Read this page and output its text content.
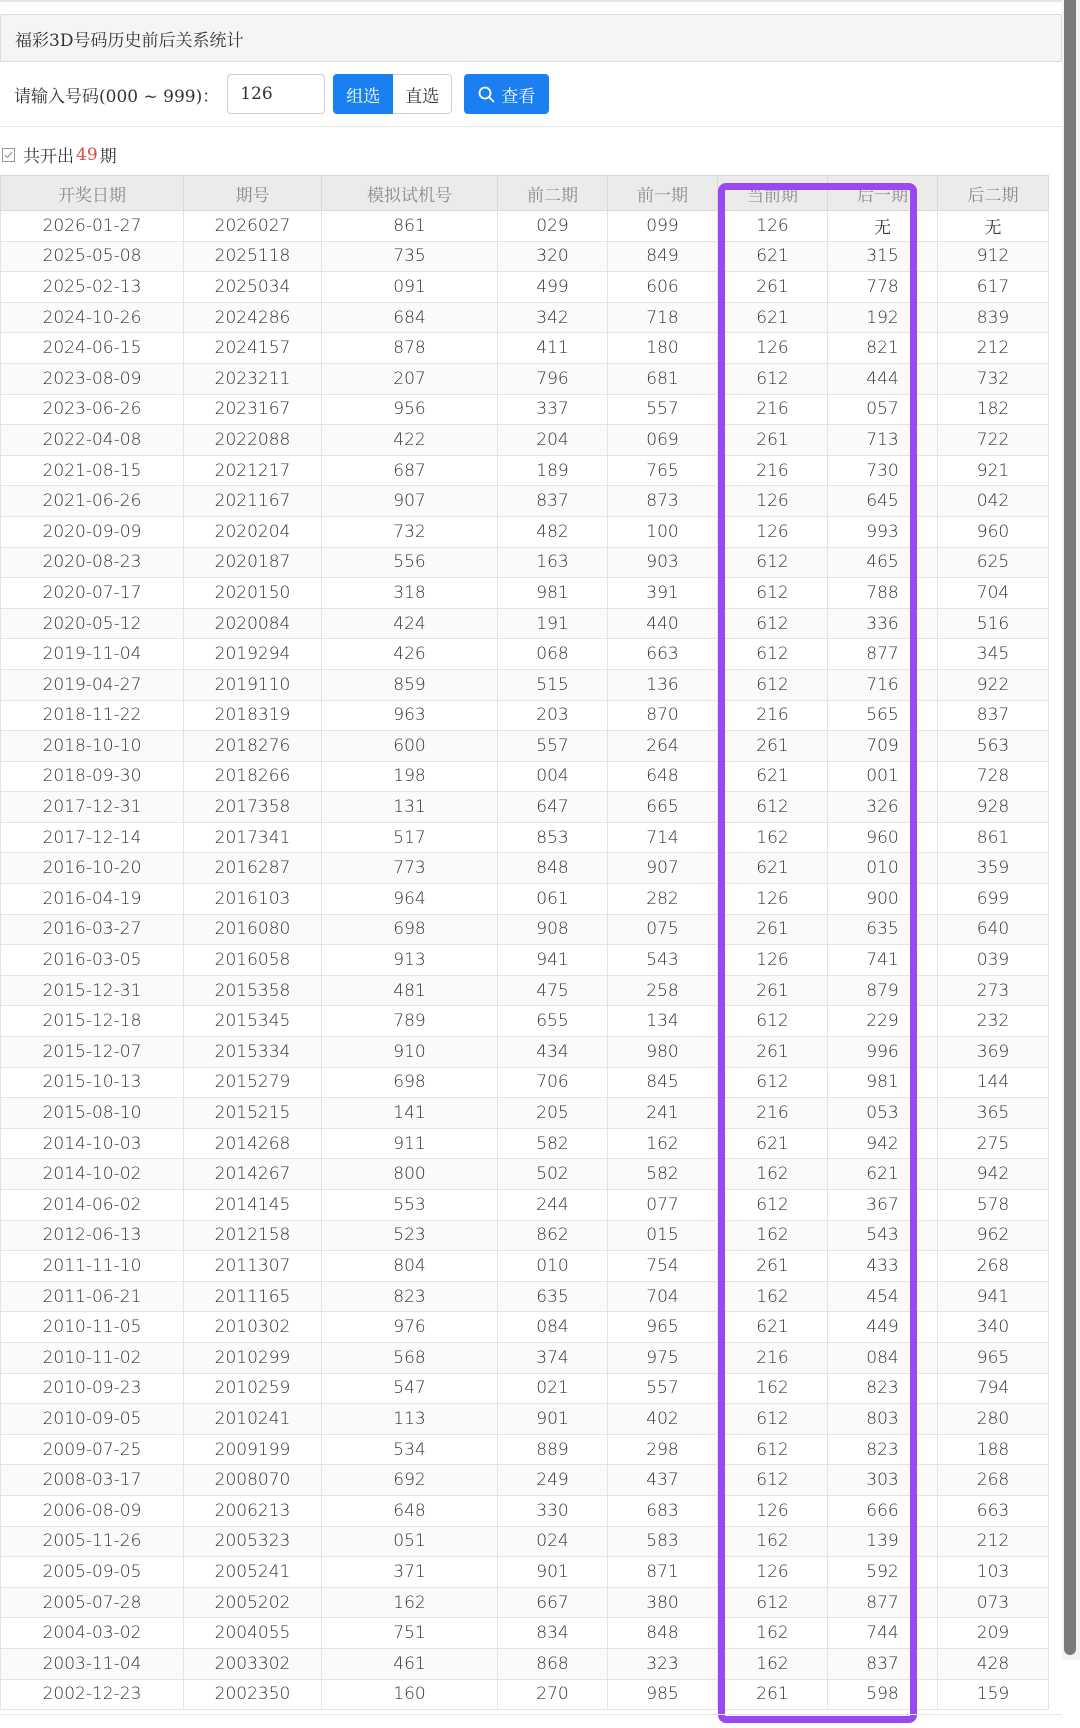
福彩3D号码历史前后关系统计
请输入号码(000 ~ 999)：
126	组选	直选	查看
共开出 49 期
开奖日期	期号	模拟试机号	前二期	前一期	当前期	后一期	后二期
2026-01-27	2026027	861	029	099	126	无	无
2025-05-08	2025118	735	320	849	621	315	912
2025-02-13	2025034	091	499	606	261	778	617
2024-10-26	2024286	684	342	718	621	192	839
2024-06-15	2024157	878	411	180	126	821	212
2023-08-09	2023211	207	796	681	612	444	732
2023-06-26	2023167	956	337	557	216	057	182
2022-04-08	2022088	422	204	069	261	713	722
2021-08-15	2021217	687	189	765	216	730	921
2021-06-26	2021167	907	837	873	126	645	042
2020-09-09	2020204	732	482	100	126	993	960
2020-08-23	2020187	556	163	903	612	465	625
2020-07-17	2020150	318	981	391	612	788	704
2020-05-12	2020084	424	191	440	612	336	516
2019-11-04	2019294	426	068	663	612	877	345
2019-04-27	2019110	859	515	136	612	716	922
2018-11-22	2018319	963	203	870	216	565	837
2018-10-10	2018276	600	557	264	261	709	563
2018-09-30	2018266	198	004	648	621	001	728
2017-12-31	2017358	131	647	665	612	326	928
2017-12-14	2017341	517	853	714	162	960	861
2016-10-20	2016287	773	848	907	621	010	359
2016-04-19	2016103	964	061	282	126	900	699
2016-03-27	2016080	698	908	075	261	635	640
2016-03-05	2016058	913	941	543	126	741	039
2015-12-31	2015358	481	475	258	261	879	273
2015-12-18	2015345	789	655	134	612	229	232
2015-12-07	2015334	910	434	980	261	996	369
2015-10-13	2015279	698	706	845	612	981	144
2015-08-10	2015215	141	205	241	216	053	365
2014-10-03	2014268	911	582	162	621	942	275
2014-10-02	2014267	800	502	582	162	621	942
2014-06-02	2014145	553	244	077	612	367	578
2012-06-13	2012158	523	862	015	162	543	962
2011-11-10	2011307	804	010	754	261	433	268
2011-06-21	2011165	823	635	704	162	454	941
2010-11-05	2010302	976	084	965	621	449	340
2010-11-02	2010299	568	374	975	216	084	965
2010-09-23	2010259	547	021	557	162	823	794
2010-09-05	2010241	113	901	402	612	803	280
2009-07-25	2009199	534	889	298	612	823	188
2008-03-17	2008070	692	249	437	612	303	268
2006-08-09	2006213	648	330	683	126	666	663
2005-11-26	2005323	051	024	583	162	139	212
2005-09-05	2005241	371	901	871	126	592	103
2005-07-28	2005202	162	667	380	612	877	073
2004-03-02	2004055	751	834	848	162	744	209
2003-11-04	2003302	461	868	323	162	837	428
2002-12-23	2002350	160	270	985	261	598	159
